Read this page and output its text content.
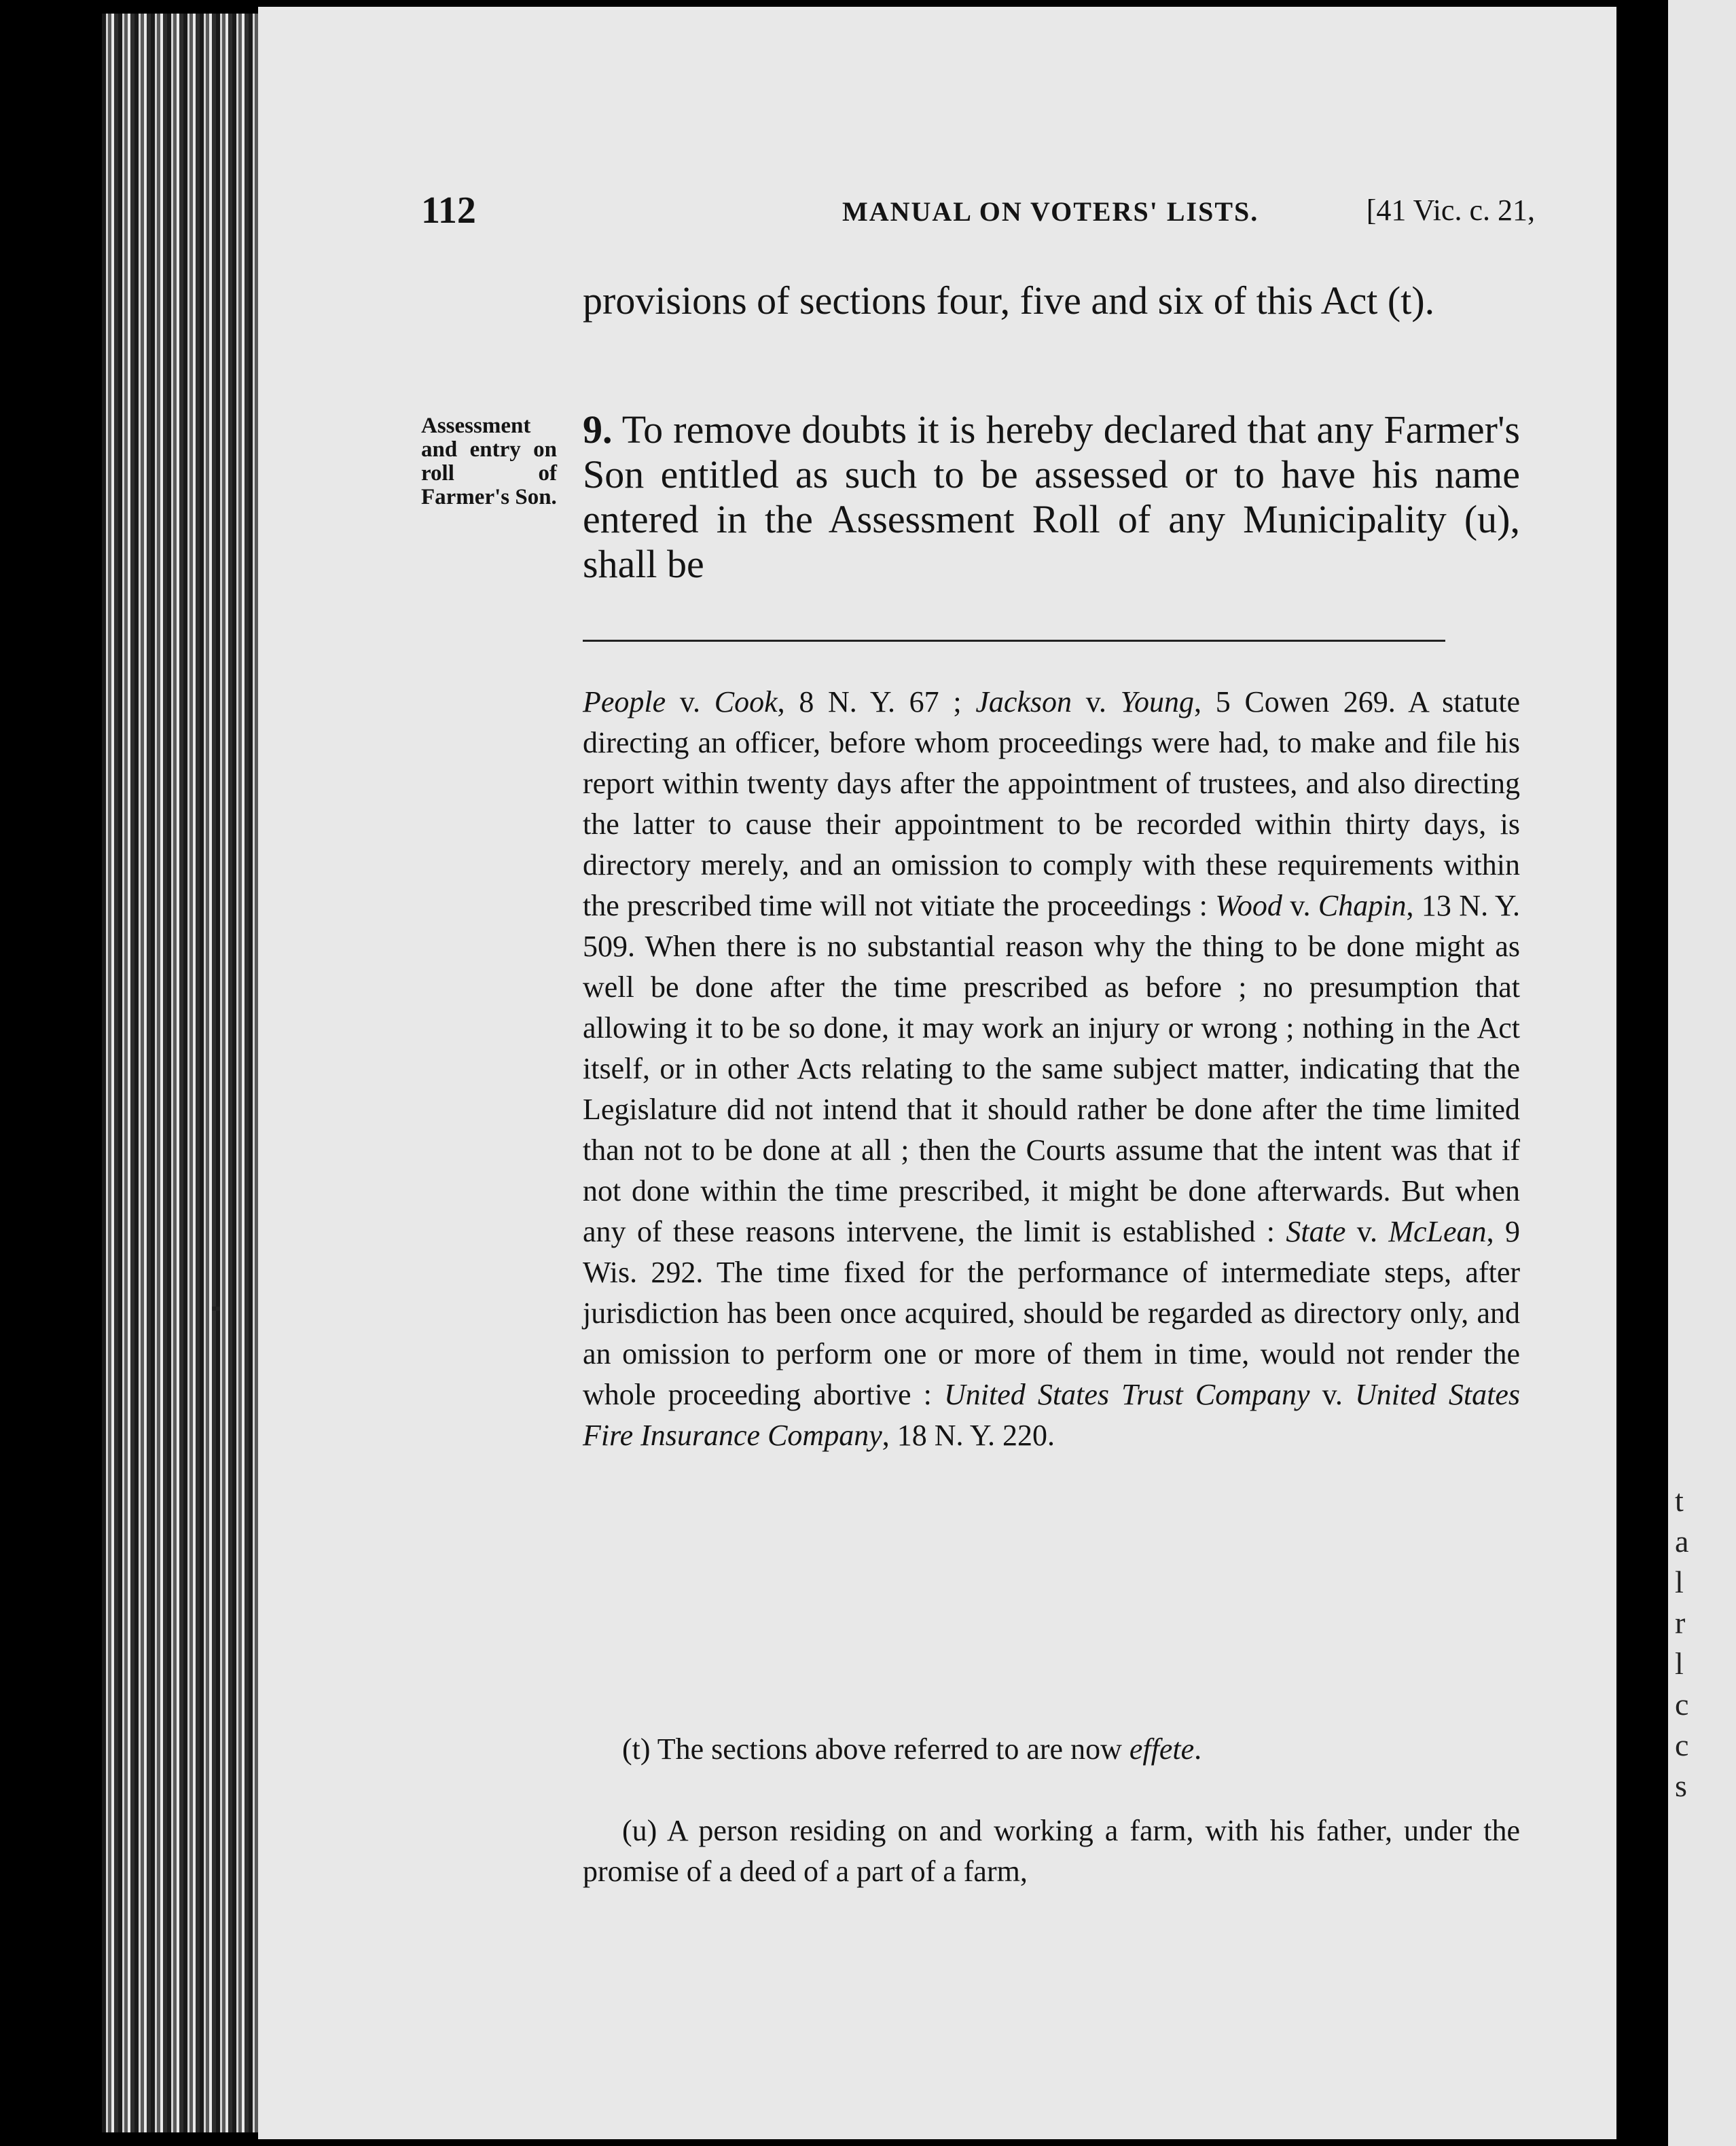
112	MANUAL ON VOTERS' LISTS.	[41 Vic. c. 21,
Assessment and entry on roll of Farmer's Son.
provisions of sections four, five and six of this Act (t).
9. To remove doubts it is hereby declared that any Farmer's Son entitled as such to be assessed or to have his name entered in the Assessment Roll of any Municipality (u), shall be
People v. Cook, 8 N. Y. 67 ; Jackson v. Young, 5 Cowen 269. A statute directing an officer, before whom proceedings were had, to make and file his report within twenty days after the appointment of trustees, and also directing the latter to cause their appointment to be recorded within thirty days, is directory merely, and an omission to comply with these requirements within the prescribed time will not vitiate the proceedings : Wood v. Chapin, 13 N. Y. 509. When there is no substantial reason why the thing to be done might as well be done after the time prescribed as before ; no presumption that allowing it to be so done, it may work an injury or wrong ; nothing in the Act itself, or in other Acts relating to the same subject matter, indicating that the Legislature did not intend that it should rather be done after the time limited than not to be done at all ; then the Courts assume that the intent was that if not done within the time prescribed, it might be done afterwards. But when any of these reasons intervene, the limit is established : State v. McLean, 9 Wis. 292. The time fixed for the performance of intermediate steps, after jurisdiction has been once acquired, should be regarded as directory only, and an omission to perform one or more of them in time, would not render the whole proceeding abortive : United States Trust Company v. United States Fire Insurance Company, 18 N. Y. 220.
(t) The sections above referred to are now effete.
(u) A person residing on and working a farm, with his father, under the promise of a deed of a part of a farm,
t
a
l
r
l
c
c
s
